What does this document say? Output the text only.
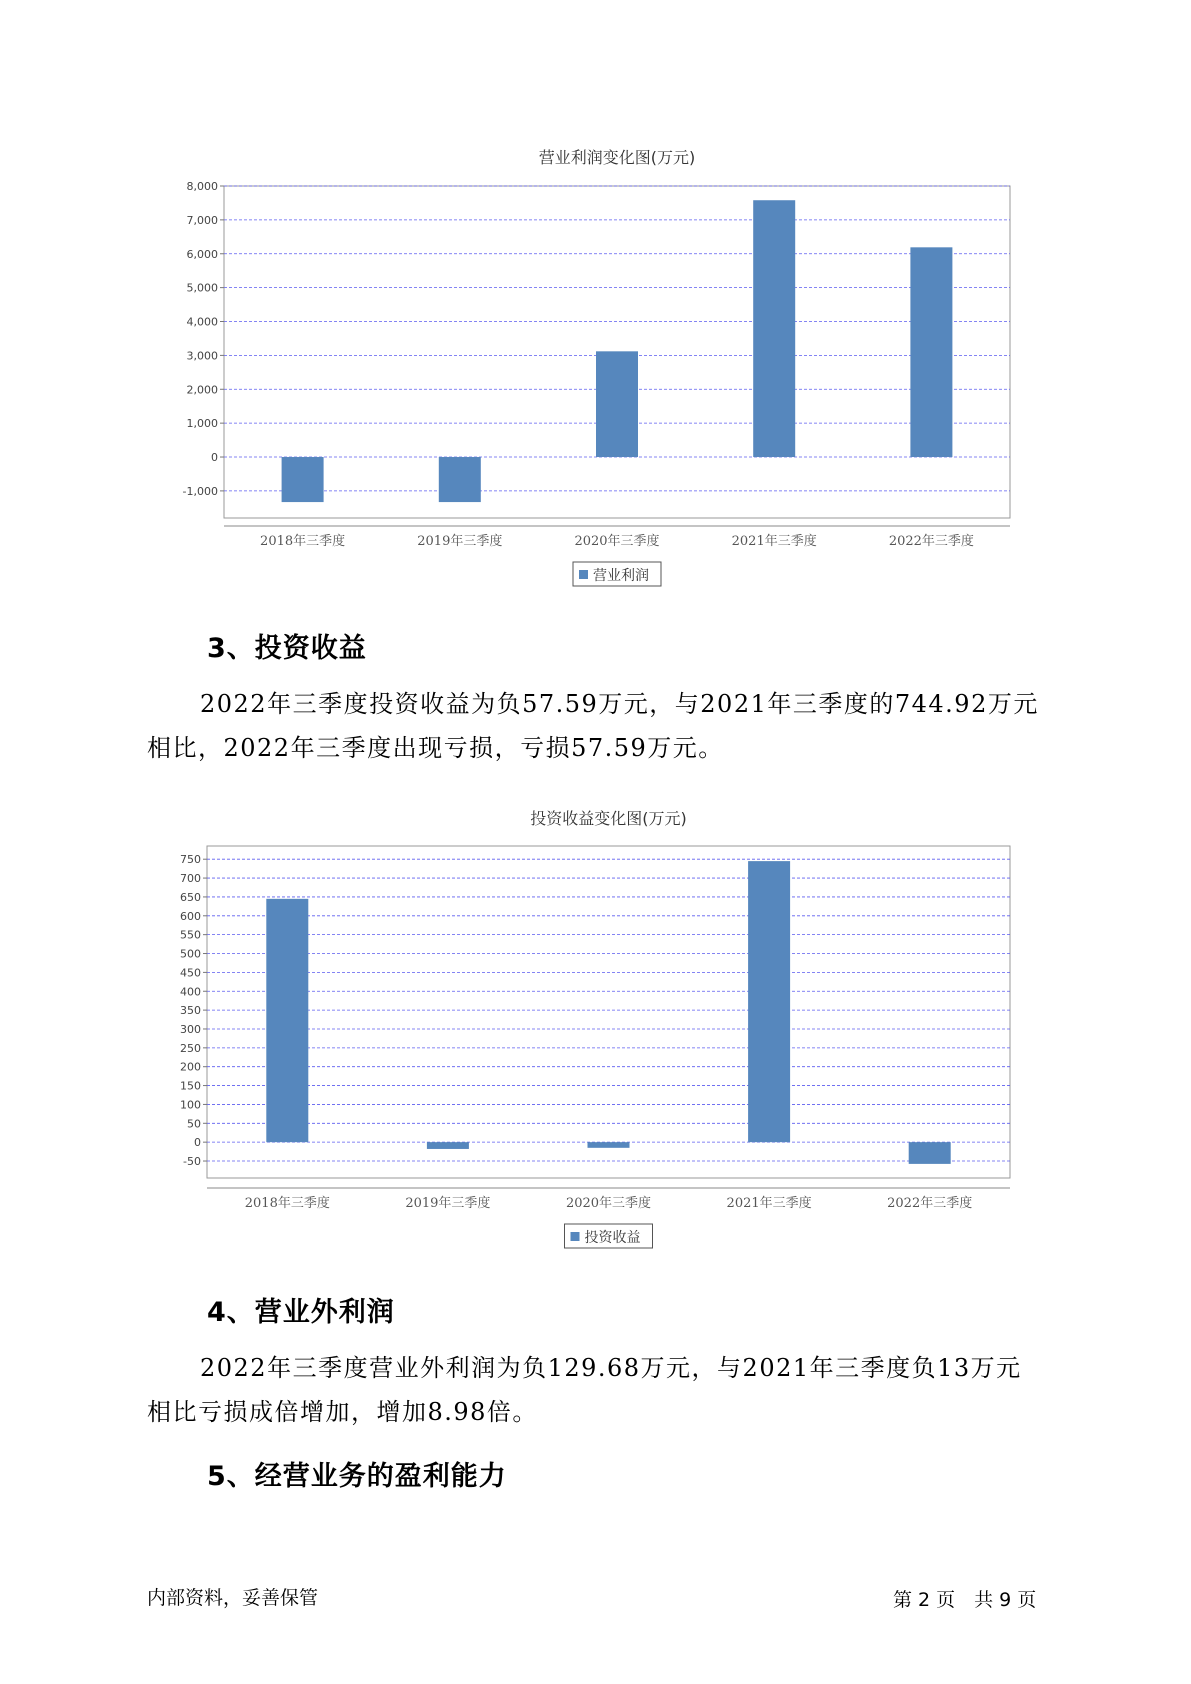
营业利润变化图(万元)
-1,000
0
1,000
2,000
3,000
4,000
5,000
6,000
7,000
8,000
2018年三季度	2019年三季度	2020年三季度	2021年三季度	2022年三季度
营业利润
3、投资收益
2022年三季度投资收益为负57.59万元，与2021年三季度的744.92万元
相比，2022年三季度出现亏损，亏损57.59万元。
投资收益变化图(万元)
-50
0
50
100
150
200
250
300
350
400
450
500
550
600
650
700
750
2018年三季度	2019年三季度	2020年三季度	2021年三季度	2022年三季度
投资收益
4、营业外利润
2022年三季度营业外利润为负129.68万元，与2021年三季度负13万元
相比亏损成倍增加，增加8.98倍。
5、经营业务的盈利能力
内部资料，妥善保管	第 2 页　共 9 页
